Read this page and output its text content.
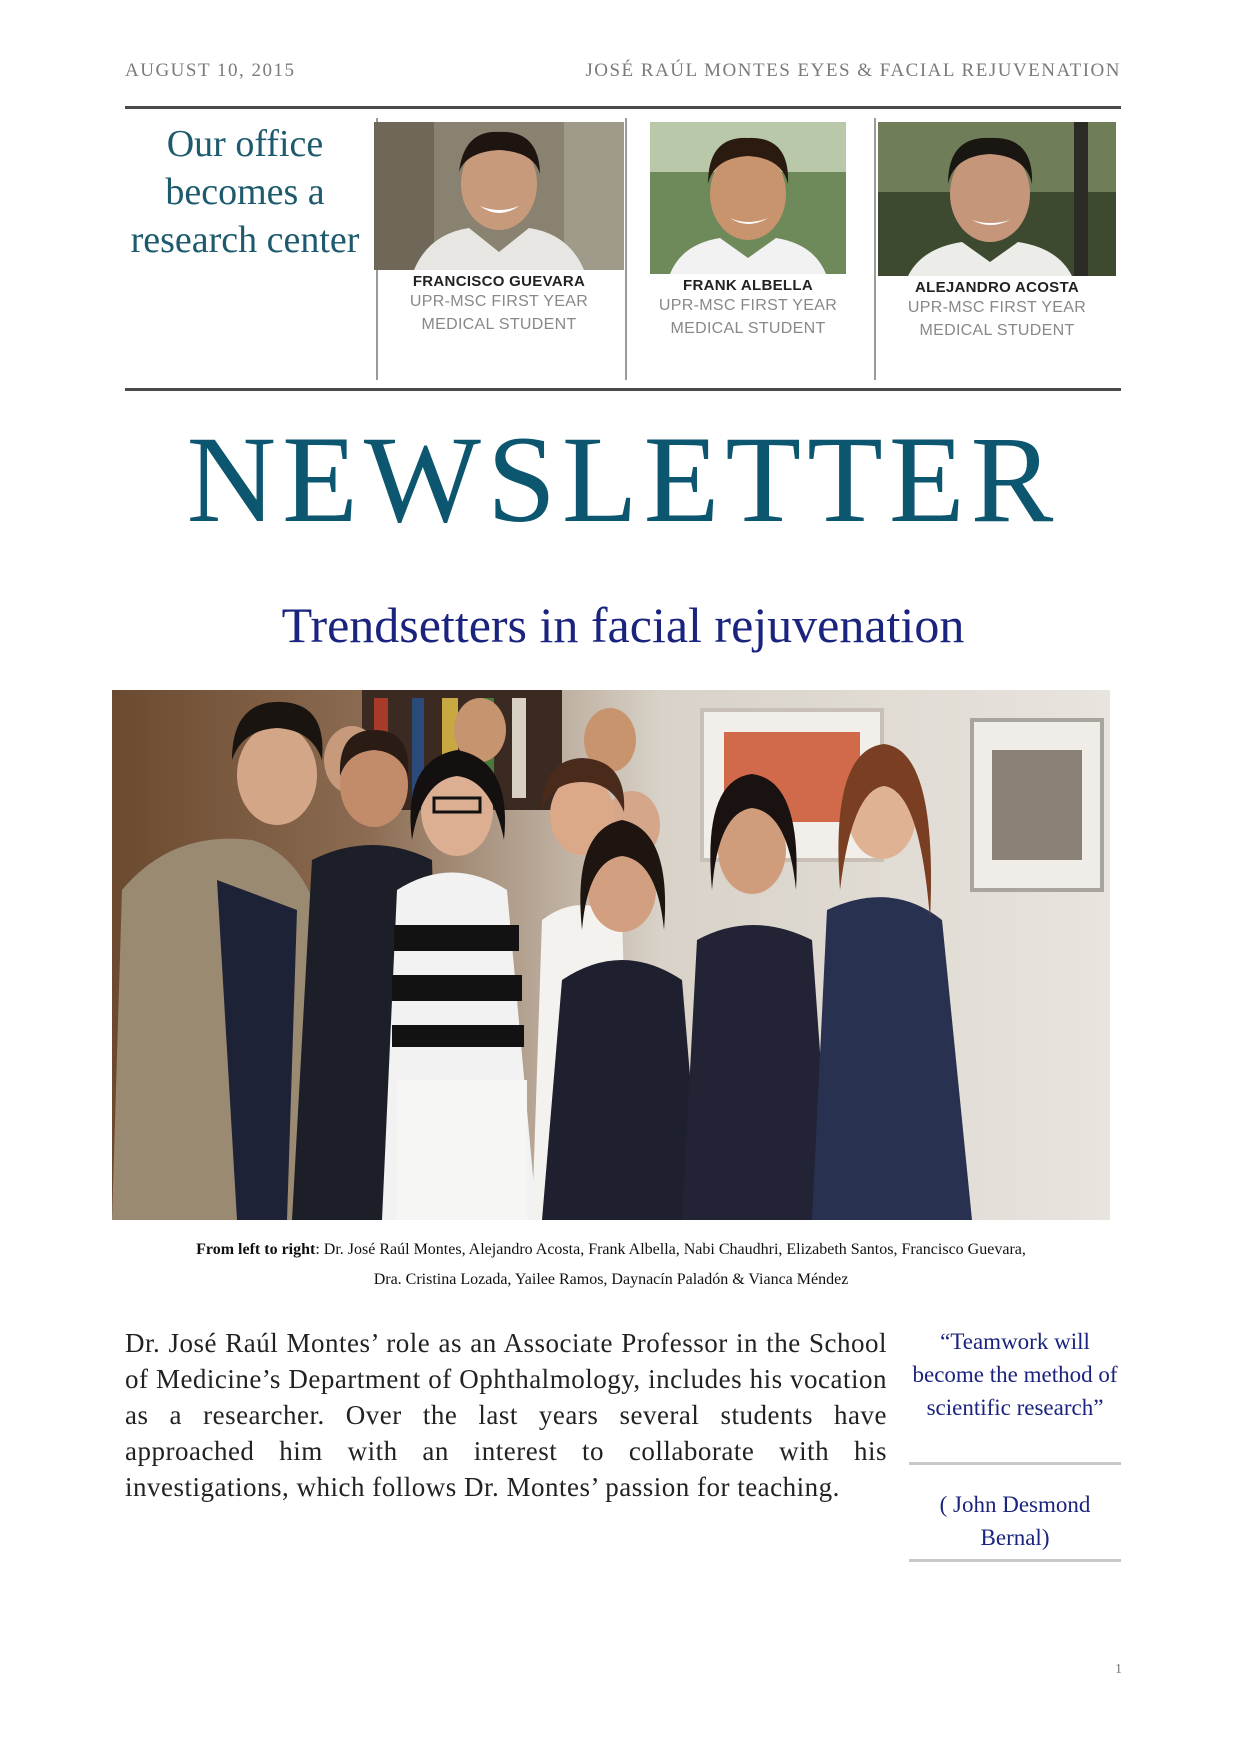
AUGUST 10, 2015	JOSÉ RAÚL MONTES EYES & FACIAL REJUVENATION
Our office becomes a research center
FRANCISCO GUEVARA
UPR-MSC FIRST YEAR
MEDICAL STUDENT
FRANK ALBELLA
UPR-MSC FIRST YEAR
MEDICAL STUDENT
ALEJANDRO ACOSTA
UPR-MSC FIRST YEAR
MEDICAL STUDENT
NEWSLETTER
Trendsetters in facial rejuvenation
From left to right: Dr. José Raúl Montes, Alejandro Acosta, Frank Albella, Nabi Chaudhri, Elizabeth Santos, Francisco Guevara,
Dra. Cristina Lozada, Yailee Ramos, Daynacín Paladón & Vianca Méndez
Dr. José Raúl Montes’ role as an Associate Professor in the School of Medicine’s Department of Ophthalmology, includes his vocation as a researcher. Over the last years several students have approached him with an interest to collaborate with his investigations, which follows Dr. Montes’ passion for teaching.
“Teamwork will become the method of scientific research”
( John Desmond Bernal)
1
